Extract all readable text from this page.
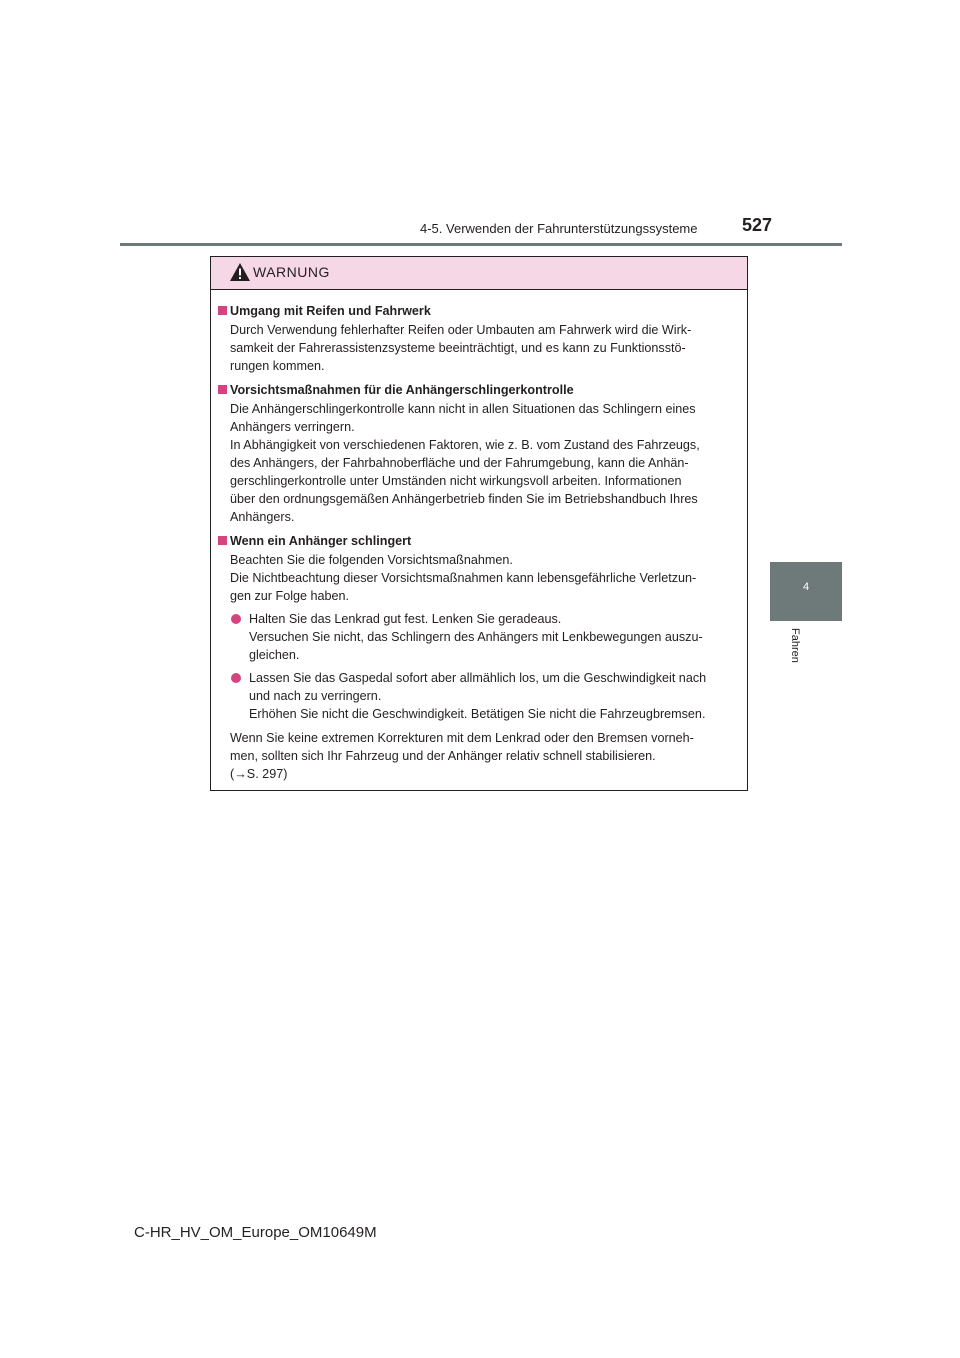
4-5. Verwenden der Fahrunterstützungssysteme 527
4
Fahren
WARNUNG
Umgang mit Reifen und Fahrwerk
Durch Verwendung fehlerhafter Reifen oder Umbauten am Fahrwerk wird die Wirk-
samkeit der Fahrerassistenzsysteme beeinträchtigt, und es kann zu Funktionsstö-
rungen kommen.
Vorsichtsmaßnahmen für die Anhängerschlingerkontrolle
Die Anhängerschlingerkontrolle kann nicht in allen Situationen das Schlingern eines
Anhängers verringern.
In Abhängigkeit von verschiedenen Faktoren, wie z. B. vom Zustand des Fahrzeugs,
des Anhängers, der Fahrbahnoberfläche und der Fahrumgebung, kann die Anhän-
gerschlingerkontrolle unter Umständen nicht wirkungsvoll arbeiten. Informationen
über den ordnungsgemäßen Anhängerbetrieb finden Sie im Betriebshandbuch Ihres
Anhängers.
Wenn ein Anhänger schlingert
Beachten Sie die folgenden Vorsichtsmaßnahmen.
Die Nichtbeachtung dieser Vorsichtsmaßnahmen kann lebensgefährliche Verletzun-
gen zur Folge haben.
Halten Sie das Lenkrad gut fest. Lenken Sie geradeaus.
Versuchen Sie nicht, das Schlingern des Anhängers mit Lenkbewegungen auszu-
gleichen.
Lassen Sie das Gaspedal sofort aber allmählich los, um die Geschwindigkeit nach
und nach zu verringern.
Erhöhen Sie nicht die Geschwindigkeit. Betätigen Sie nicht die Fahrzeugbremsen.
Wenn Sie keine extremen Korrekturen mit dem Lenkrad oder den Bremsen vorneh-
men, sollten sich Ihr Fahrzeug und der Anhänger relativ schnell stabilisieren.
(→S. 297)
C-HR_HV_OM_Europe_OM10649M
